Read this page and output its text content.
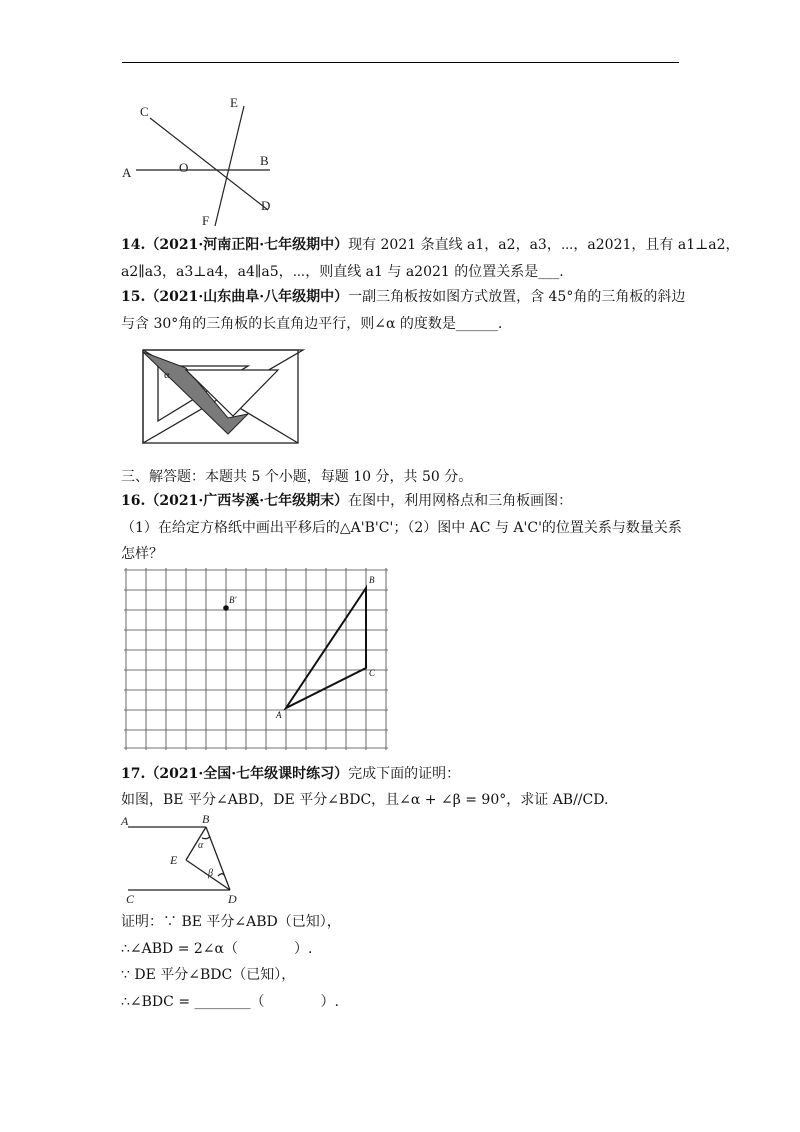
A
B
C
D
E
F
O
14.（2021·河南正阳·七年级期中）现有 2021 条直线 a1，a2，a3，⋯，a2021，且有 a1⊥a2，
a2∥a3，a3⊥a4，a4∥a5，⋯，则直线 a1 与 a2021 的位置关系是___.
15.（2021·山东曲阜·八年级期中）一副三角板按如图方式放置，含 45°角的三角板的斜边
与含 30°角的三角板的长直角边平行，则∠α 的度数是______.
α
三、解答题：本题共 5 个小题，每题 10 分，共 50 分。
16.（2021·广西岑溪·七年级期末）在图中，利用网格点和三角板画图：
（1）在给定方格纸中画出平移后的△A'B'C'；（2）图中 AC 与 A'C'的位置关系与数量关系
怎样？
A
B
C
B'
17.（2021·全国·七年级课时练习）完成下面的证明：
如图，BE 平分∠ABD，DE 平分∠BDC，且∠α + ∠β = 90°，求证 AB//CD.
A	B
C	D
E
α
β
证明：∵ BE 平分∠ABD（已知），
∴∠ABD = 2∠α（　　　　）.
∵ DE 平分∠BDC（已知），
∴∠BDC = ________（　　　　）.
